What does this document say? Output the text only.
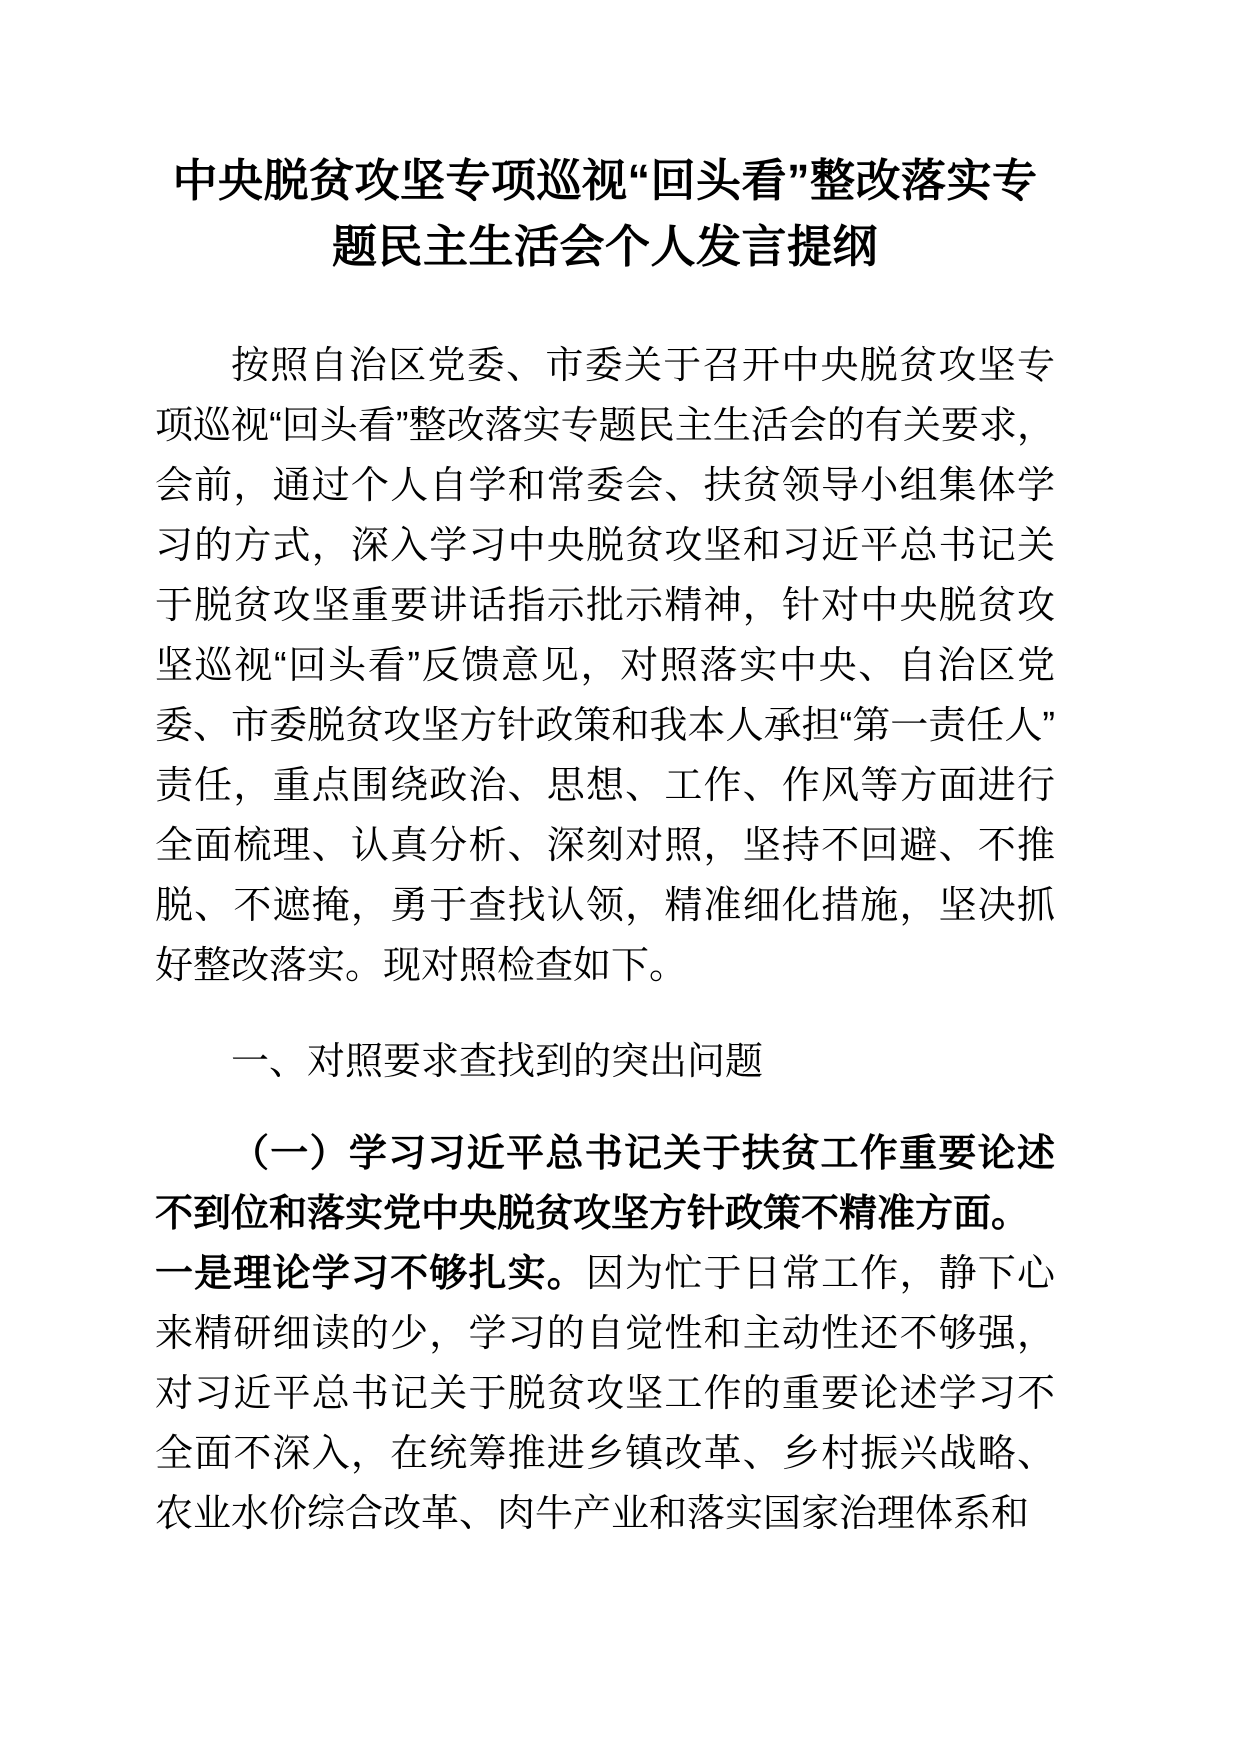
中央脱贫攻坚专项巡视“回头看”整改落实专题民主生活会个人发言提纲

按照自治区党委、市委关于召开中央脱贫攻坚专项巡视“回头看”整改落实专题民主生活会的有关要求，会前，通过个人自学和常委会、扶贫领导小组集体学习的方式，深入学习中央脱贫攻坚和习近平总书记关于脱贫攻坚重要讲话指示批示精神，针对中央脱贫攻坚巡视“回头看”反馈意见，对照落实中央、自治区党委、市委脱贫攻坚方针政策和我本人承担“第一责任人”责任，重点围绕政治、思想、工作、作风等方面进行全面梳理、认真分析、深刻对照，坚持不回避、不推脱、不遮掩，勇于查找认领，精准细化措施，坚决抓好整改落实。现对照检查如下。

一、对照要求查找到的突出问题

（一）学习习近平总书记关于扶贫工作重要论述不到位和落实党中央脱贫攻坚方针政策不精准方面。

一是理论学习不够扎实。因为忙于日常工作，静下心来精研细读的少，学习的自觉性和主动性还不够强，对习近平总书记关于脱贫攻坚工作的重要论述学习不全面不深入，在统筹推进乡镇改革、乡村振兴战略、农业水价综合改革、肉牛产业和落实国家治理体系和
